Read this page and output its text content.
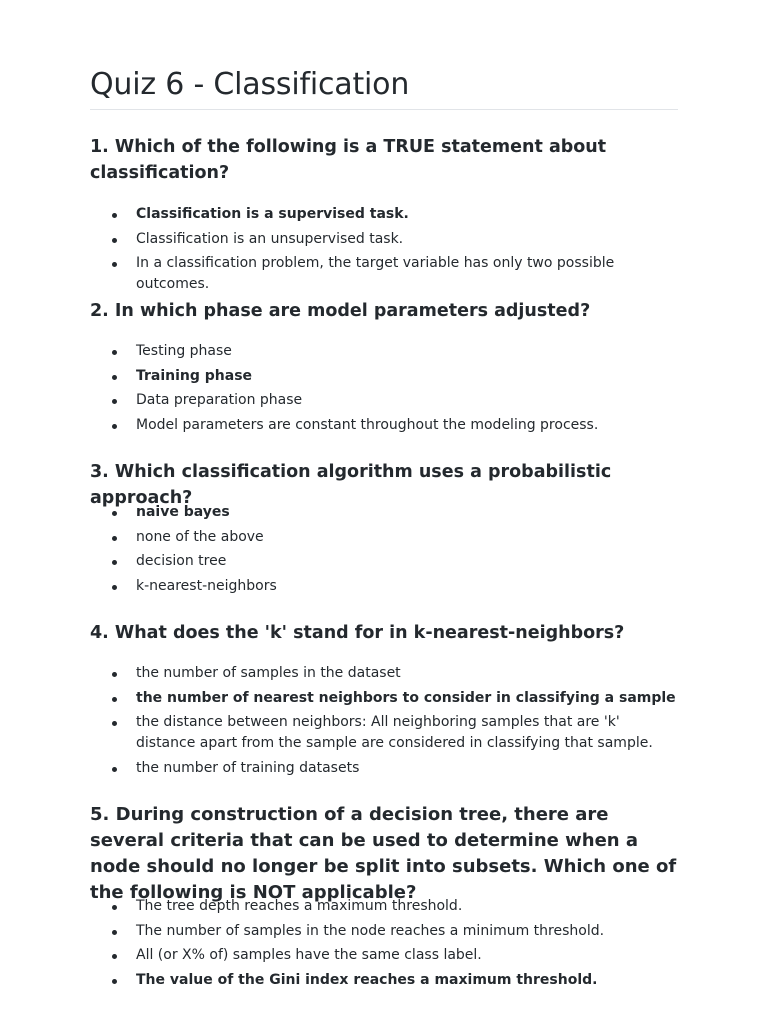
Quiz 6 - Classification
1. Which of the following is a TRUE statement about classification?
Classification is a supervised task.
Classification is an unsupervised task.
In a classification problem, the target variable has only two possible outcomes.
2. In which phase are model parameters adjusted?
Testing phase
Training phase
Data preparation phase
Model parameters are constant throughout the modeling process.
3. Which classification algorithm uses a probabilistic approach?
naive bayes
none of the above
decision tree
k-nearest-neighbors
4. What does the 'k' stand for in k-nearest-neighbors?
the number of samples in the dataset
the number of nearest neighbors to consider in classifying a sample
the distance between neighbors: All neighboring samples that are 'k' distance apart from the sample are considered in classifying that sample.
the number of training datasets
5. During construction of a decision tree, there are several criteria that can be used to determine when a node should no longer be split into subsets. Which one of the following is NOT applicable?
The tree depth reaches a maximum threshold.
The number of samples in the node reaches a minimum threshold.
All (or X% of) samples have the same class label.
The value of the Gini index reaches a maximum threshold.
